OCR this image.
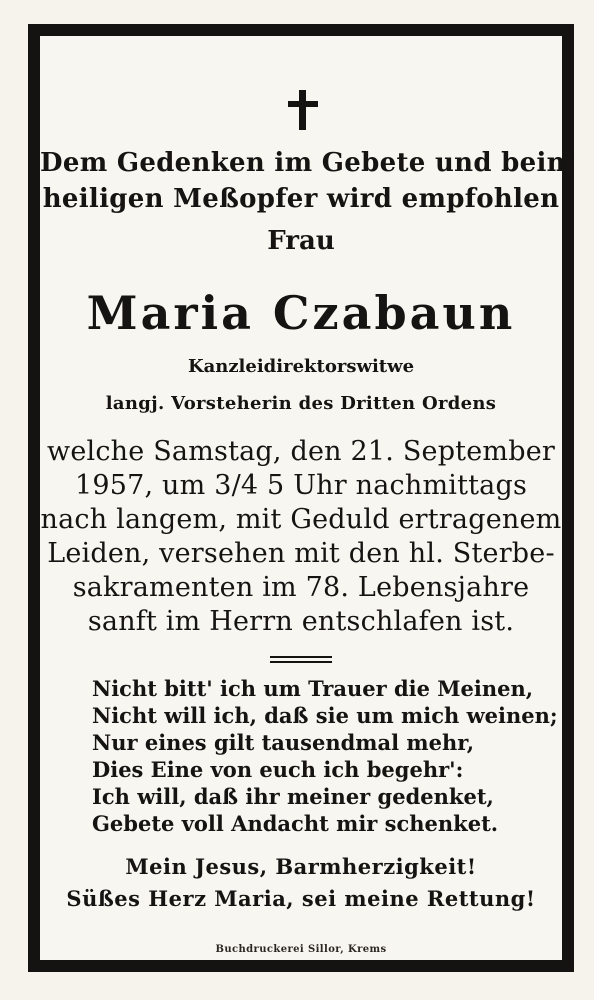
Dem Gedenken im Gebete und beim
heiligen Meßopfer wird empfohlen
Frau
Maria Czabaun
Kanzleidirektorswitwe
langj. Vorsteherin des Dritten Ordens
welche Samstag, den 21. September
1957, um 3/4 5 Uhr nachmittags
nach langem, mit Geduld ertragenem
Leiden, versehen mit den hl. Sterbe-
sakramenten im 78. Lebensjahre
sanft im Herrn entschlafen ist.
Nicht bitt' ich um Trauer die Meinen,
Nicht will ich, daß sie um mich weinen;
Nur eines gilt tausendmal mehr,
Dies Eine von euch ich begehr':
Ich will, daß ihr meiner gedenket,
Gebete voll Andacht mir schenket.
Mein Jesus, Barmherzigkeit!
Süßes Herz Maria, sei meine Rettung!
Buchdruckerei Sillor, Krems
